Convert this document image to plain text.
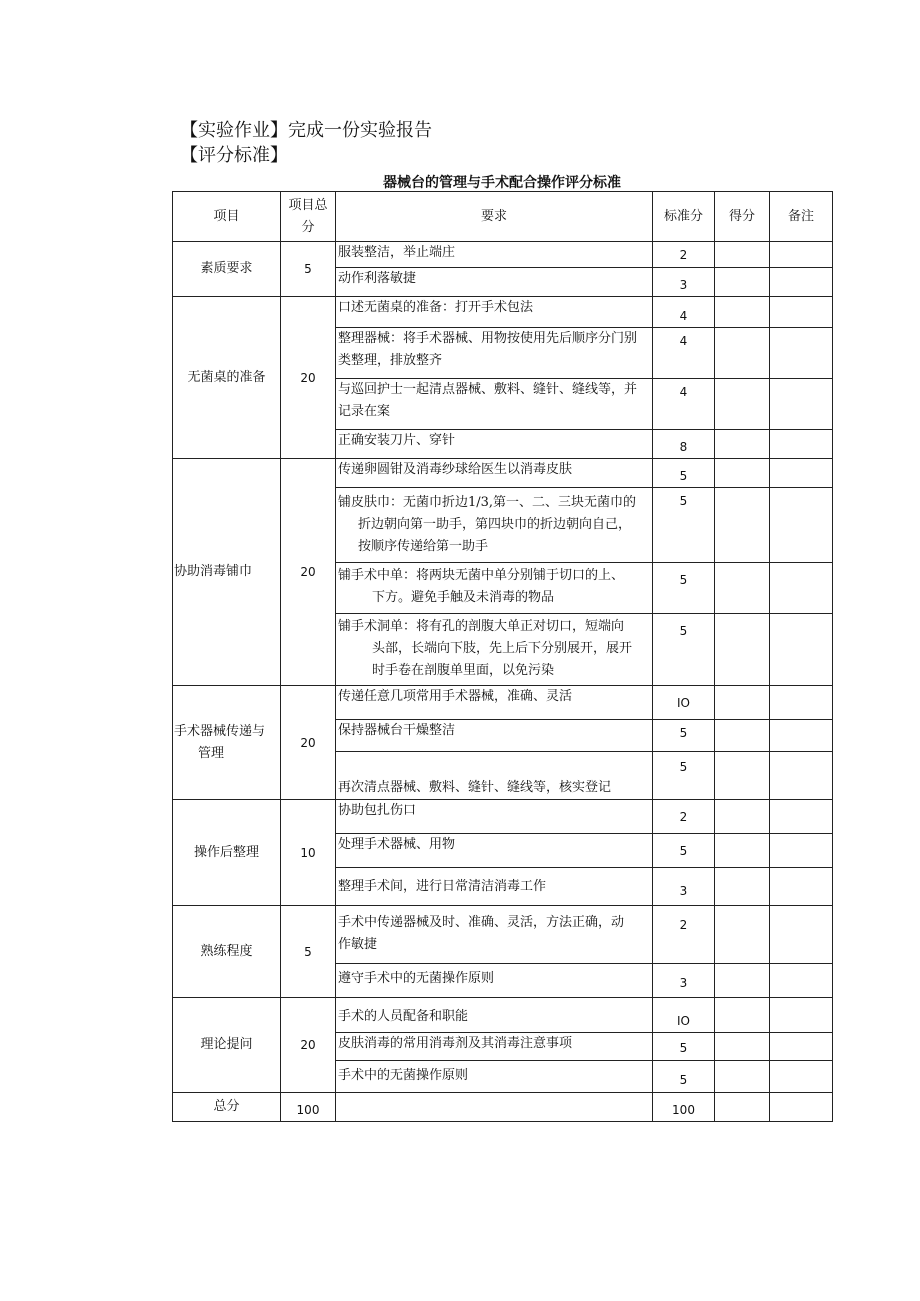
【实验作业】完成一份实验报告
【评分标准】
器械台的管理与手术配合操作评分标准
项目	项目总
分	要求	标准分	得分	备注
素质要求	5	服装整洁，举止端庄	2		
		动作利落敏捷	3		
无菌桌的准备	20	口述无菌桌的准备：打开手术包法	4		
		整理器械：将手术器械、用物按使用先后顺序分门别
类整理，排放整齐	4		
		与巡回护士一起清点器械、敷料、缝针、缝线等，并
记录在案	4		
		正确安装刀片、穿针	8		
协助消毒铺巾	20	传递卵圆钳及消毒纱球给医生以消毒皮肤	5		
		铺皮肤巾：无菌巾折边1/3,第一、二、三块无菌巾的
折边朝向第一助手，第四块巾的折边朝向自己，
按顺序传递给第一助手	5		
		铺手术中单：将两块无菌中单分别铺于切口的上、
下方。避免手触及未消毒的物品	5		
		铺手术洞单：将有孔的剖腹大单正对切口，短端向
头部，长端向下肢，先上后下分别展开，展开
时手卷在剖腹单里面，以免污染	5		
手术器械传递与
管理	20	传递任意几项常用手术器械，准确、灵活	IO		
		保持器械台干燥整洁	5		
		再次清点器械、敷料、缝针、缝线等，核实登记	5		
操作后整理	10	协助包扎伤口	2		
		处理手术器械、用物	5		
		整理手术间，进行日常清洁消毒工作	3		
熟练程度	5	手术中传递器械及时、准确、灵活，方法正确，动
作敏捷	2		
		遵守手术中的无菌操作原则	3		
理论提问	20	手术的人员配备和职能	IO		
		皮肤消毒的常用消毒剂及其消毒注意事项	5		
		手术中的无菌操作原则	5		
总分	100		100		
